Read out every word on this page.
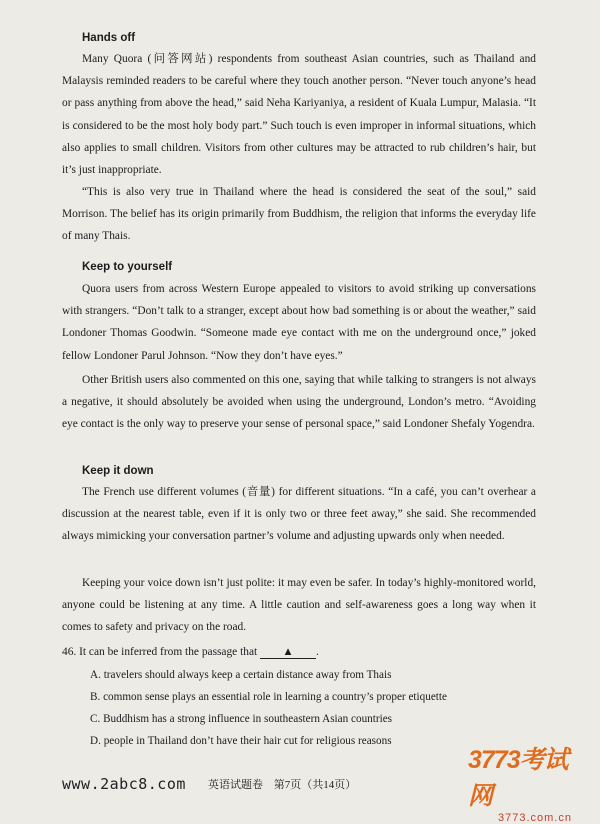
Hands off

Many Quora (问答网站) respondents from southeast Asian countries, such as Thailand and Malaysis reminded readers to be careful where they touch another person. “Never touch anyone’s head or pass anything from above the head,” said Neha Kariyaniya, a resident of Kuala Lumpur, Malasia. “It is considered to be the most holy body part.” Such touch is even improper in informal situations, which also applies to small children. Visitors from other cultures may be attracted to rub children’s hair, but it’s just inappropriate.

“This is also very true in Thailand where the head is considered the seat of the soul,” said Morrison. The belief has its origin primarily from Buddhism, the religion that informs the everyday life of many Thais.

Keep to yourself

Quora users from across Western Europe appealed to visitors to avoid striking up conversations with strangers. “Don’t talk to a stranger, except about how bad something is or about the weather,” said Londoner Thomas Goodwin. “Someone made eye contact with me on the underground once,” joked fellow Londoner Parul Johnson. “Now they don’t have eyes.”

Other British users also commented on this one, saying that while talking to strangers is not always a negative, it should absolutely be avoided when using the underground, London’s metro. “Avoiding eye contact is the only way to preserve your sense of personal space,” said Londoner Shefaly Yogendra.

Keep it down

The French use different volumes (音量) for different situations. “In a café, you can’t overhear a discussion at the nearest table, even if it is only two or three feet away,” she said. She recommended always mimicking your conversation partner’s volume and adjusting upwards only when needed.

Keeping your voice down isn’t just polite: it may even be safer. In today’s highly-monitored world, anyone could be listening at any time. A little caution and self-awareness goes a long way when it comes to safety and privacy on the road.

46. It can be inferred from the passage that ▲ .
A. travelers should always keep a certain distance away from Thais
B. common sense plays an essential role in learning a country’s proper etiquette
C. Buddhism has a strong influence in southeastern Asian countries
D. people in Thailand don’t have their hair cut for religious reasons
www.2abc8.com 英语试题卷 第7页（共14页）
3773考试网
3773.com.cn
